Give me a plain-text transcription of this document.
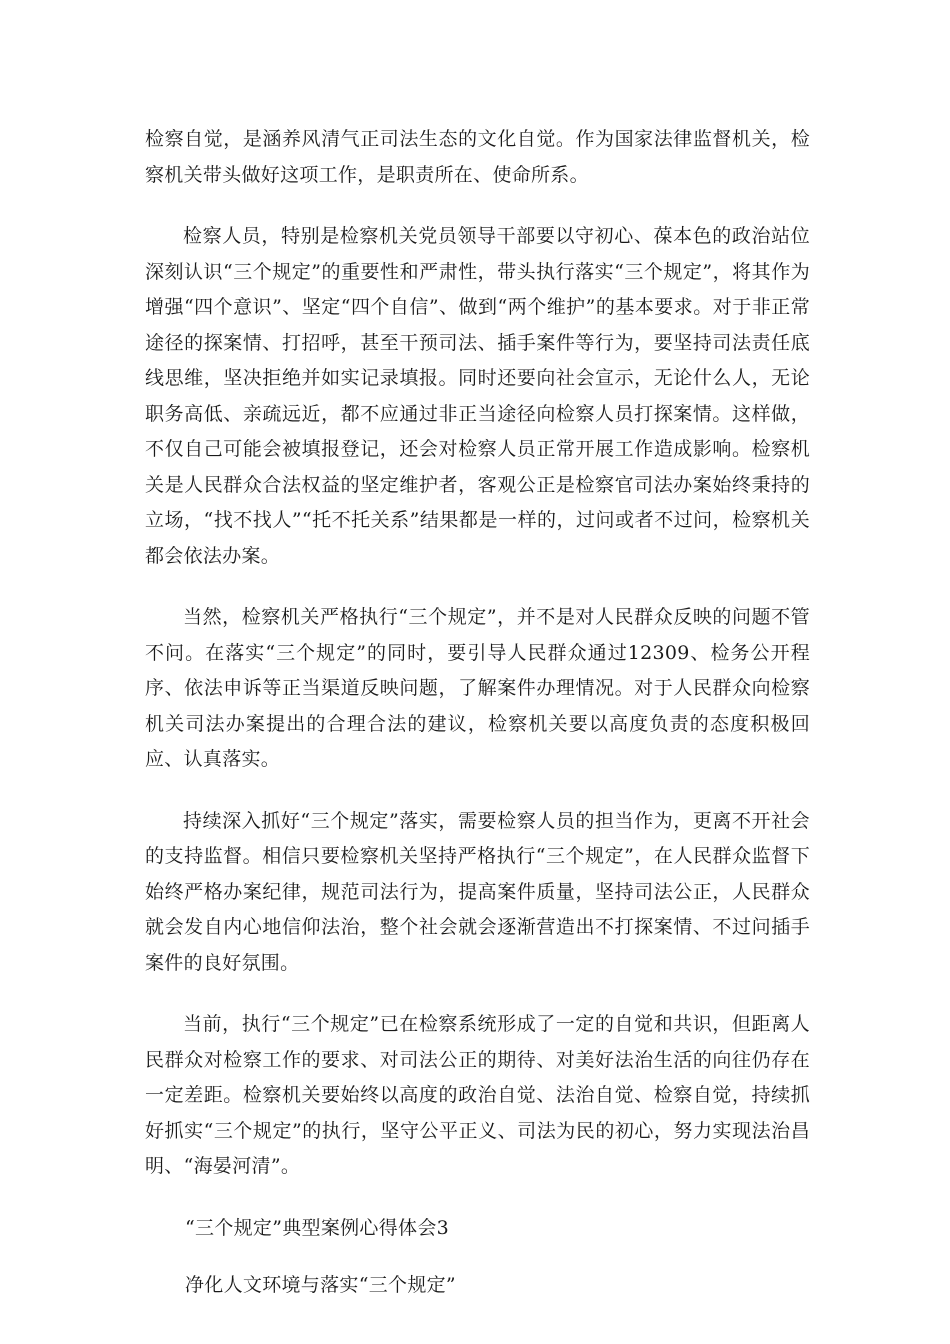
检察自觉，是涵养风清气正司法生态的文化自觉。作为国家法律监督机关，检察机关带头做好这项工作，是职责所在、使命所系。

检察人员，特别是检察机关党员领导干部要以守初心、葆本色的政治站位深刻认识“三个规定”的重要性和严肃性，带头执行落实“三个规定”，将其作为增强“四个意识”、坚定“四个自信”、做到“两个维护”的基本要求。对于非正常途径的探案情、打招呼，甚至干预司法、插手案件等行为，要坚持司法责任底线思维，坚决拒绝并如实记录填报。同时还要向社会宣示，无论什么人，无论职务高低、亲疏远近，都不应通过非正当途径向检察人员打探案情。这样做，不仅自己可能会被填报登记，还会对检察人员正常开展工作造成影响。检察机关是人民群众合法权益的坚定维护者，客观公正是检察官司法办案始终秉持的立场，“找不找人”“托不托关系”结果都是一样的，过问或者不过问，检察机关都会依法办案。

当然，检察机关严格执行“三个规定”，并不是对人民群众反映的问题不管不问。在落实“三个规定”的同时，要引导人民群众通过12309、检务公开程序、依法申诉等正当渠道反映问题，了解案件办理情况。对于人民群众向检察机关司法办案提出的合理合法的建议，检察机关要以高度负责的态度积极回应、认真落实。

持续深入抓好“三个规定”落实，需要检察人员的担当作为，更离不开社会的支持监督。相信只要检察机关坚持严格执行“三个规定”，在人民群众监督下始终严格办案纪律，规范司法行为，提高案件质量，坚持司法公正，人民群众就会发自内心地信仰法治，整个社会就会逐渐营造出不打探案情、不过问插手案件的良好氛围。

当前，执行“三个规定”已在检察系统形成了一定的自觉和共识，但距离人民群众对检察工作的要求、对司法公正的期待、对美好法治生活的向往仍存在一定差距。检察机关要始终以高度的政治自觉、法治自觉、检察自觉，持续抓好抓实“三个规定”的执行，坚守公平正义、司法为民的初心，努力实现法治昌明、“海晏河清”。

“三个规定”典型案例心得体会3

净化人文环境与落实“三个规定”
